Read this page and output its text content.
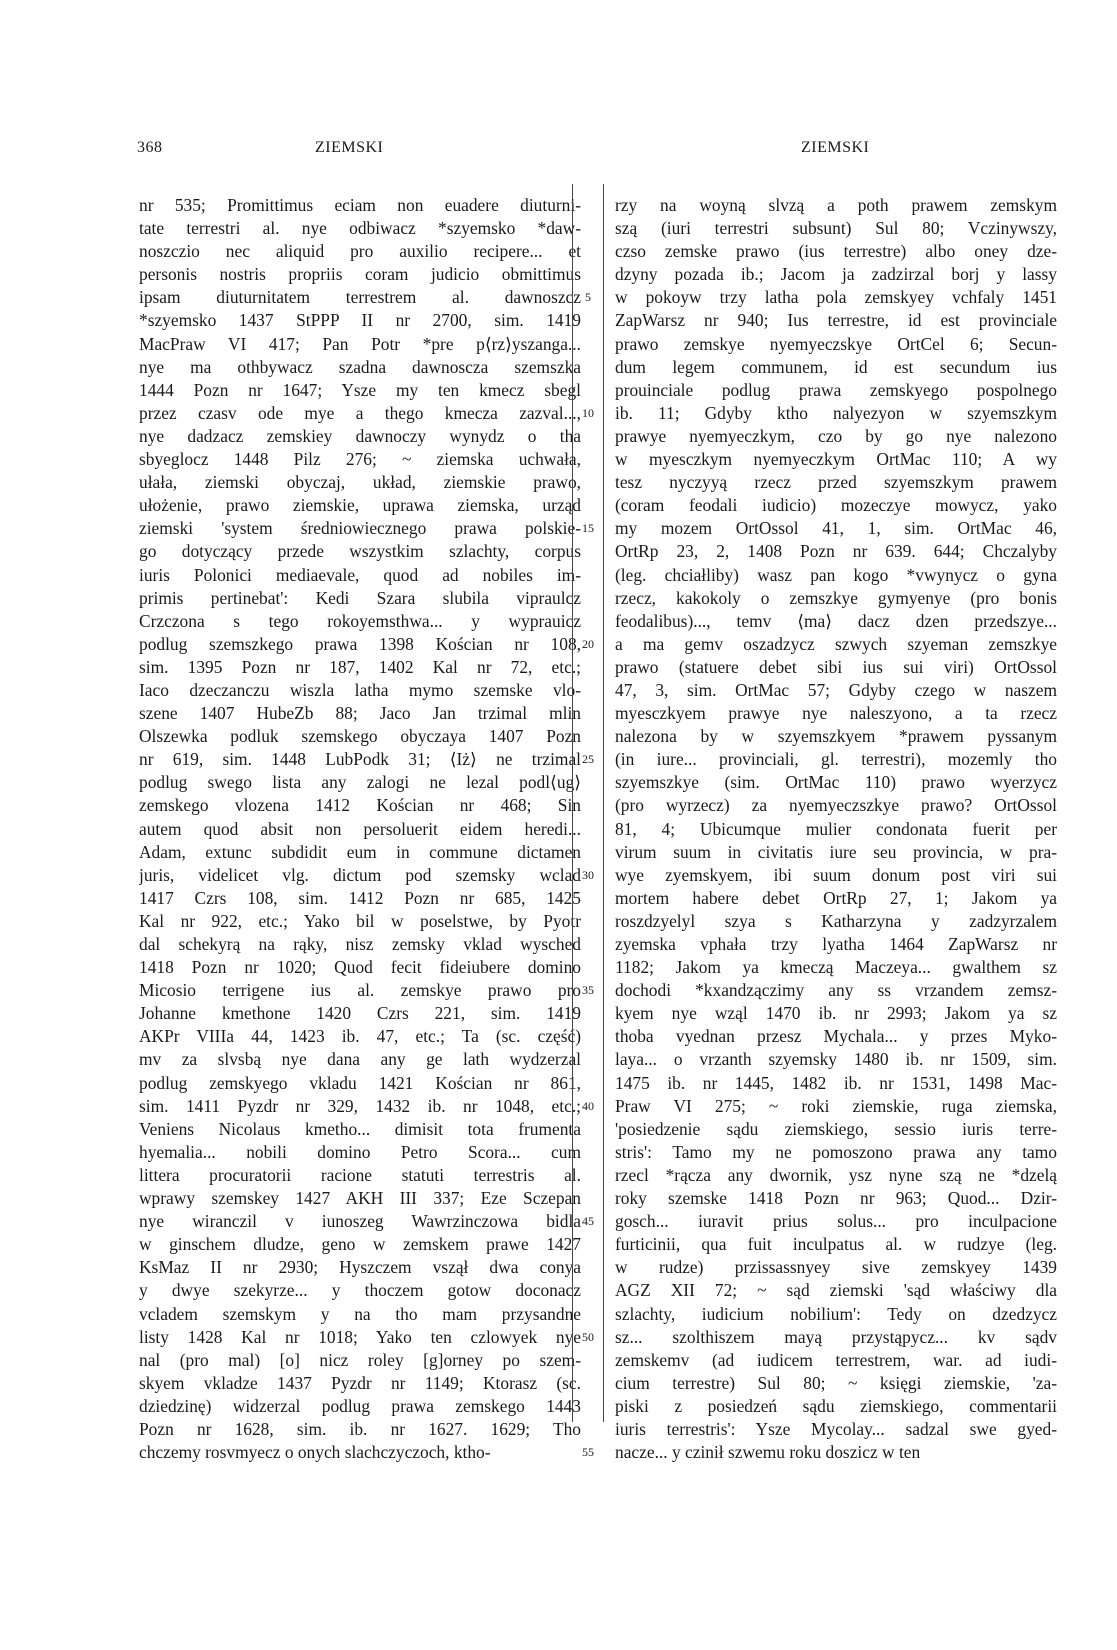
368	ZIEMSKI	ZIEMSKI
nr 535; Promittimus eciam non euadere diuturni-
tate terrestri al. nye odbiwacz *szyemsko *daw-
noszczio nec aliquid pro auxilio recipere... et
personis nostris propriis coram judicio obmittimus
ipsam diuturnitatem terrestrem al. dawnoszcz
*szyemsko 1437 StPPP II nr 2700, sim. 1419
MacPraw VI 417; Pan Potr *pre p⟨rz⟩yszanga...
nye ma othbywacz szadna dawnoscza szemszka
1444 Pozn nr 1647; Ysze my ten kmecz sbegl
przez czasv ode mye a thego kmecza zazval...,
nye dadzacz zemskiey dawnoczy wynydz o tha
sbyeglocz 1448 Pilz 276; ~ ziemska uchwała,
ułała, ziemski obyczaj, układ, ziemskie prawo,
ułożenie, prawo ziemskie, uprawa ziemska, urząd
ziemski 'system średniowiecznego prawa polskie-
go dotyczący przede wszystkim szlachty, corpus
iuris Polonici mediaevale, quod ad nobiles im-
primis pertinebat': Kedi Szara slubila vipraulcz
Crzczona s tego rokoyemsthwa... y wyprauicz
podlug szemszkego prawa 1398 Kościan nr 108,
sim. 1395 Pozn nr 187, 1402 Kal nr 72, etc.;
Iaco dzeczanczu wiszla latha mymo szemske vlo-
szene 1407 HubeZb 88; Jaco Jan trzimal mlin
Olszewka podluk szemskego obyczaya 1407 Pozn
nr 619, sim. 1448 LubPodk 31; ⟨Iż⟩ ne trzimal
podlug swego lista any zalogi ne lezal podl⟨ug⟩
zemskego vlozena 1412 Kościan nr 468; Sin
autem quod absit non persoluerit eidem heredi...
Adam, extunc subdidit eum in commune dictamen
juris, videlicet vlg. dictum pod szemsky wclad
1417 Czrs 108, sim. 1412 Pozn nr 685, 1425
Kal nr 922, etc.; Yako bil w poselstwe, by Pyotr
dal schekyrą na rąky, nisz zemsky vklad wysched
1418 Pozn nr 1020; Quod fecit fideiubere domino
Micosio terrigene ius al. zemskye prawo pro
Johanne kmethone 1420 Czrs 221, sim. 1419
AKPr VIIIa 44, 1423 ib. 47, etc.; Ta (sc. część)
mv za slvsbą nye dana any ge lath wydzerzal
podlug zemskyego vkladu 1421 Kościan nr 861,
sim. 1411 Pyzdr nr 329, 1432 ib. nr 1048, etc.;
Veniens Nicolaus kmetho... dimisit tota frumenta
hyemalia... nobili domino Petro Scora... cum
littera procuratorii racione statuti terrestris al.
wprawy szemskey 1427 AKH III 337; Eze Sczepan
nye wiranczil v iunoszeg Wawrzinczowa bidla
w ginschem dludze, geno w zemskem prawe 1427
KsMaz II nr 2930; Hyszczem vszął dwa conya
y dwye szekyrze... y thoczem gotow doconacz
vcladem szemskym y na tho mam przysandne
listy 1428 Kal nr 1018; Yako ten czlowyek nye
nal (pro mal) [o] nicz roley [g]orney po szem-
skyem vkladze 1437 Pyzdr nr 1149; Ktorasz (sc.
dziedzinę) widzerzal podlug prawa zemskego 1443
Pozn nr 1628, sim. ib. nr 1627. 1629; Tho
chczemy rosvmyecz o onych slachczyczoch, ktho-
5
10
15
20
25
30
35
40
45
50
55
rzy na woyną slvzą a poth prawem zemskym
szą (iuri terrestri subsunt) Sul 80; Vczinywszy,
czso zemske prawo (ius terrestre) albo oney dze-
dzyny pozada ib.; Jacom ja zadzirzal borj y lassy
w pokoyw trzy latha pola zemskyey vchfaly 1451
ZapWarsz nr 940; Ius terrestre, id est provinciale
prawo zemskye nyemyeczskye OrtCel 6; Secun-
dum legem communem, id est secundum ius
prouinciale podlug prawa zemskyego pospolnego
ib. 11; Gdyby ktho nalyezyon w szyemszkym
prawye nyemyeczkym, czo by go nye nalezono
w myesczkym nyemyeczkym OrtMac 110; A wy
tesz nyczyyą rzecz przed szyemszkym prawem
(coram feodali iudicio) mozeczye mowycz, yako
my mozem OrtOssol 41, 1, sim. OrtMac 46,
OrtRp 23, 2, 1408 Pozn nr 639. 644; Chczalyby
(leg. chciałliby) wasz pan kogo *vwynycz o gyna
rzecz, kakokoly o zemszkye gymyenye (pro bonis
feodalibus)..., temv ⟨ma⟩ dacz dzen przedszye...
a ma gemv oszadzycz szwych szyeman zemszkye
prawo (statuere debet sibi ius sui viri) OrtOssol
47, 3, sim. OrtMac 57; Gdyby czego w naszem
myesczkyem prawye nye naleszyono, a ta rzecz
nalezona by w szyemszkyem *prawem pyssanym
(in iure... provinciali, gl. terrestri), mozemly tho
szyemszkye (sim. OrtMac 110) prawo wyerzycz
(pro wyrzecz) za nyemyeczszkye prawo? OrtOssol
81, 4; Ubicumque mulier condonata fuerit per
virum suum in civitatis iure seu provincia, w pra-
wye zyemskyem, ibi suum donum post viri sui
mortem habere debet OrtRp 27, 1; Jakom ya
roszdzyelyl szya s Katharzyna y zadzyrzalem
zyemska vphała trzy lyatha 1464 ZapWarsz nr
1182; Jakom ya kmeczą Maczeya... gwalthem sz
dochodi *kxandzączimy any ss vrzandem zemsz-
kyem nye wząl 1470 ib. nr 2993; Jakom ya sz
thoba vyednan przesz Mychala... y przes Myko-
laya... o vrzanth szyemsky 1480 ib. nr 1509, sim.
1475 ib. nr 1445, 1482 ib. nr 1531, 1498 Mac-
Praw VI 275; ~ roki ziemskie, ruga ziemska,
'posiedzenie sądu ziemskiego, sessio iuris terre-
stris': Tamo my ne pomoszono prawa any tamo
rzecl *rącza any dwornik, ysz nyne szą ne *dzelą
roky szemske 1418 Pozn nr 963; Quod... Dzir-
gosch... iuravit prius solus... pro inculpacione
furticinii, qua fuit inculpatus al. w rudzye (leg.
w rudze) przissassnyey sive zemskyey 1439
AGZ XII 72; ~ sąd ziemski 'sąd właściwy dla
szlachty, iudicium nobilium': Tedy on dzedzycz
sz... szolthiszem mayą przystąpycz... kv sądv
zemskemv (ad iudicem terrestrem, war. ad iudi-
cium terrestre) Sul 80; ~ księgi ziemskie, 'za-
piski z posiedzeń sądu ziemskiego, commentarii
iuris terrestris': Ysze Mycolay... sadzal swe gyed-
nacze... y czinił szwemu roku doszicz w ten
